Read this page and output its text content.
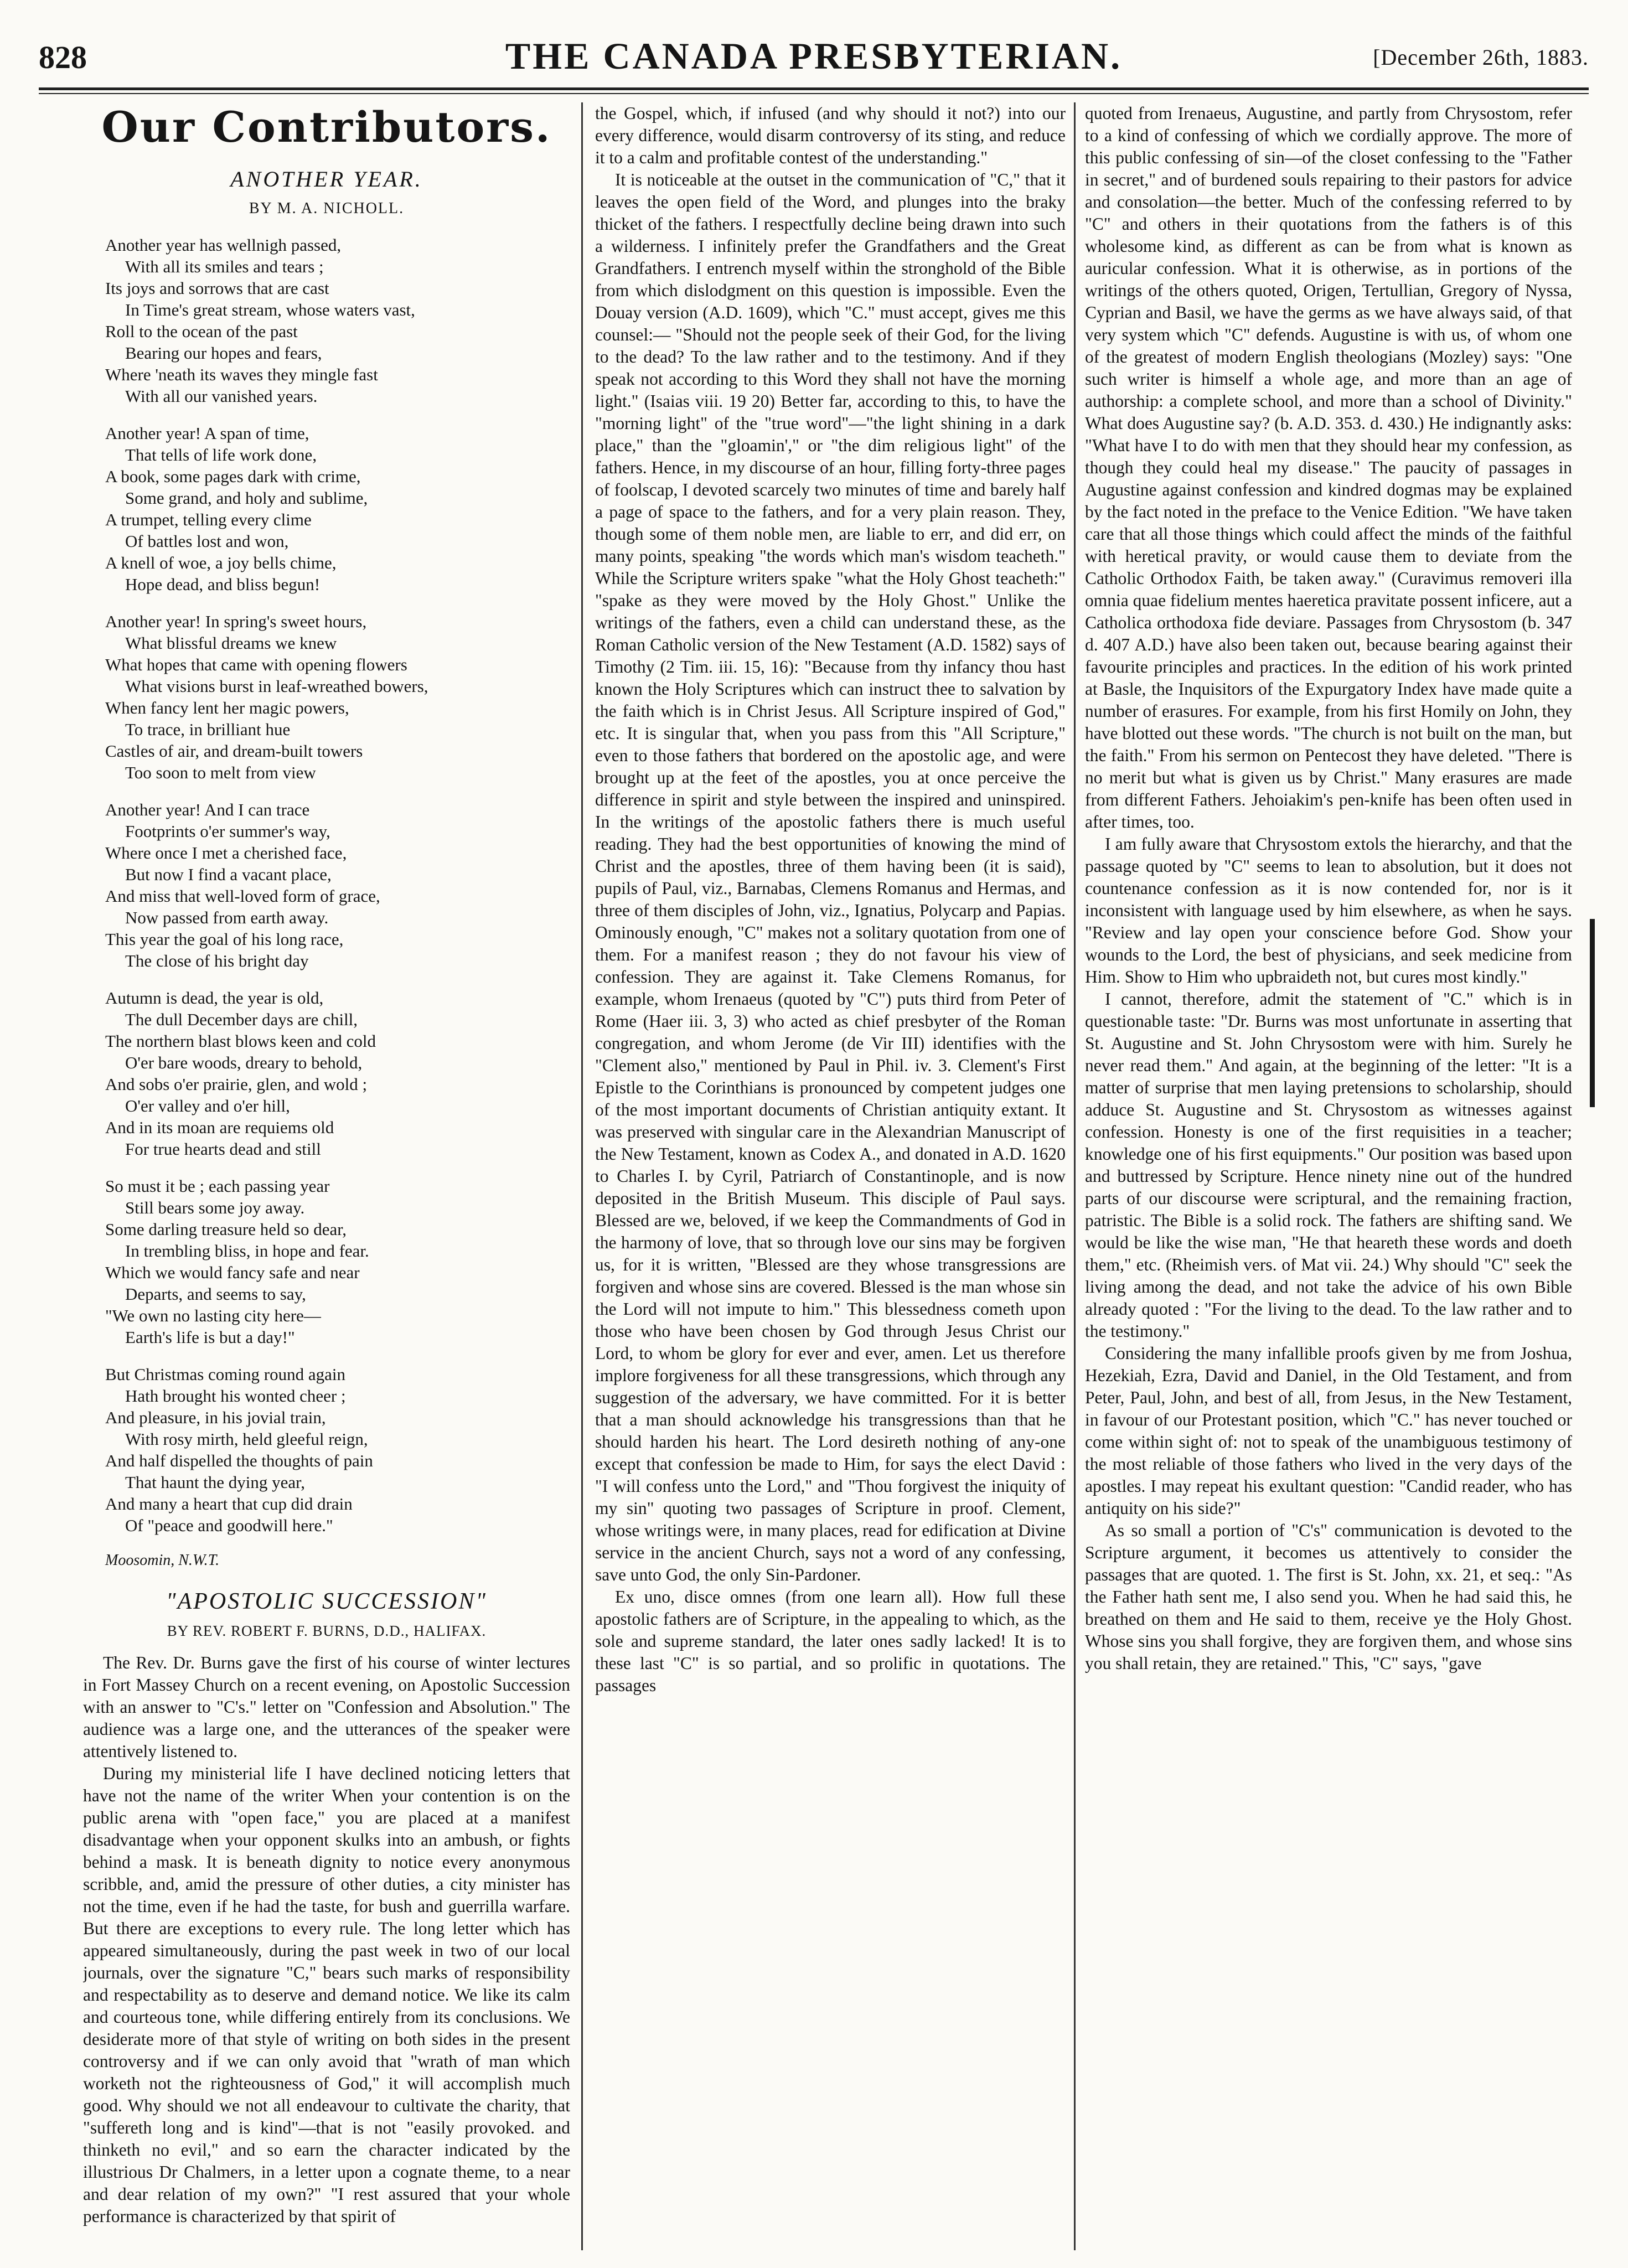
828	THE CANADA PRESBYTERIAN.	[December 26th, 1883.
Our Contributors.
ANOTHER YEAR.
BY M. A. NICHOLL.
Another year has wellnigh passed,
With all its smiles and tears ;
Its joys and sorrows that are cast
In Time's great stream, whose waters vast,
Roll to the ocean of the past
Bearing our hopes and fears,
Where 'neath its waves they mingle fast
With all our vanished years.
Another year! A span of time,
That tells of life work done,
A book, some pages dark with crime,
Some grand, and holy and sublime,
A trumpet, telling every clime
Of battles lost and won,
A knell of woe, a joy bells chime,
Hope dead, and bliss begun!
Another year! In spring's sweet hours,
What blissful dreams we knew
What hopes that came with opening flowers
What visions burst in leaf-wreathed bowers,
When fancy lent her magic powers,
To trace, in brilliant hue
Castles of air, and dream-built towers
Too soon to melt from view
Another year! And I can trace
Footprints o'er summer's way,
Where once I met a cherished face,
But now I find a vacant place,
And miss that well-loved form of grace,
Now passed from earth away.
This year the goal of his long race,
The close of his bright day
Autumn is dead, the year is old,
The dull December days are chill,
The northern blast blows keen and cold
O'er bare woods, dreary to behold,
And sobs o'er prairie, glen, and wold ;
O'er valley and o'er hill,
And in its moan are requiems old
For true hearts dead and still
So must it be ; each passing year
Still bears some joy away.
Some darling treasure held so dear,
In trembling bliss, in hope and fear.
Which we would fancy safe and near
Departs, and seems to say,
"We own no lasting city here—
Earth's life is but a day!"
But Christmas coming round again
Hath brought his wonted cheer ;
And pleasure, in his jovial train,
With rosy mirth, held gleeful reign,
And half dispelled the thoughts of pain
That haunt the dying year,
And many a heart that cup did drain
Of "peace and goodwill here."
Moosomin, N.W.T.
"APOSTOLIC SUCCESSION"
BY REV. ROBERT F. BURNS, D.D., HALIFAX.

The Rev. Dr. Burns gave the first of his course of winter lectures in Fort Massey Church on a recent evening, on Apostolic Succession with an answer to "C's." letter on "Confession and Absolution." The audience was a large one, and the utterances of the speaker were attentively listened to.

During my ministerial life I have declined noticing letters that have not the name of the writer When your contention is on the public arena with "open face," you are placed at a manifest disadvantage when your opponent skulks into an ambush, or fights behind a mask. It is beneath dignity to notice every anonymous scribble, and, amid the pressure of other duties, a city minister has not the time, even if he had the taste, for bush and guerrilla warfare. But there are exceptions to every rule. The long letter which has appeared simultaneously, during the past week in two of our local journals, over the signature "C," bears such marks of responsibility and respectability as to deserve and demand notice. We like its calm and courteous tone, while differing entirely from its conclusions. We desiderate more of that style of writing on both sides in the present controversy and if we can only avoid that "wrath of man which worketh not the righteousness of God," it will accomplish much good. Why should we not all endeavour to cultivate the charity, that "suffereth long and is kind"—that is not "easily provoked. and thinketh no evil," and so earn the character indicated by the illustrious Dr Chalmers, in a letter upon a cognate theme, to a near and dear relation of my own?" "I rest assured that your whole performance is characterized by that spirit of

the Gospel, which, if infused (and why should it not?) into our every difference, would disarm controversy of its sting, and reduce it to a calm and profitable contest of the understanding."

It is noticeable at the outset in the communication of "C," that it leaves the open field of the Word, and plunges into the braky thicket of the fathers. I respectfully decline being drawn into such a wilderness. I infinitely prefer the Grandfathers and the Great Grandfathers. I entrench myself within the stronghold of the Bible from which dislodgment on this question is impossible. Even the Douay version (A.D. 1609), which "C." must accept, gives me this counsel:— "Should not the people seek of their God, for the living to the dead? To the law rather and to the testimony. And if they speak not according to this Word they shall not have the morning light." (Isaias viii. 19 20) Better far, according to this, to have the "morning light" of the "true word"—"the light shining in a dark place," than the "gloamin'," or "the dim religious light" of the fathers. Hence, in my discourse of an hour, filling forty-three pages of foolscap, I devoted scarcely two minutes of time and barely half a page of space to the fathers, and for a very plain reason. They, though some of them noble men, are liable to err, and did err, on many points, speaking "the words which man's wisdom teacheth." While the Scripture writers spake "what the Holy Ghost teacheth:" "spake as they were moved by the Holy Ghost." Unlike the writings of the fathers, even a child can understand these, as the Roman Catholic version of the New Testament (A.D. 1582) says of Timothy (2 Tim. iii. 15, 16): "Because from thy infancy thou hast known the Holy Scriptures which can instruct thee to salvation by the faith which is in Christ Jesus. All Scripture inspired of God," etc. It is singular that, when you pass from this "All Scripture," even to those fathers that bordered on the apostolic age, and were brought up at the feet of the apostles, you at once perceive the difference in spirit and style between the inspired and uninspired. In the writings of the apostolic fathers there is much useful reading. They had the best opportunities of knowing the mind of Christ and the apostles, three of them having been (it is said), pupils of Paul, viz., Barnabas, Clemens Romanus and Hermas, and three of them disciples of John, viz., Ignatius, Polycarp and Papias. Ominously enough, "C" makes not a solitary quotation from one of them. For a manifest reason ; they do not favour his view of confession. They are against it. Take Clemens Romanus, for example, whom Irenaeus (quoted by "C") puts third from Peter of Rome (Haer iii. 3, 3) who acted as chief presbyter of the Roman congregation, and whom Jerome (de Vir III) identifies with the "Clement also," mentioned by Paul in Phil. iv. 3. Clement's First Epistle to the Corinthians is pronounced by competent judges one of the most important documents of Christian antiquity extant. It was preserved with singular care in the Alexandrian Manuscript of the New Testament, known as Codex A., and donated in A.D. 1620 to Charles I. by Cyril, Patriarch of Constantinople, and is now deposited in the British Museum. This disciple of Paul says. Blessed are we, beloved, if we keep the Commandments of God in the harmony of love, that so through love our sins may be forgiven us, for it is written, "Blessed are they whose transgressions are forgiven and whose sins are covered. Blessed is the man whose sin the Lord will not impute to him." This blessedness cometh upon those who have been chosen by God through Jesus Christ our Lord, to whom be glory for ever and ever, amen. Let us therefore implore forgiveness for all these transgressions, which through any suggestion of the adversary, we have committed. For it is better that a man should acknowledge his transgressions than that he should harden his heart. The Lord desireth nothing of any-one except that confession be made to Him, for says the elect David : "I will confess unto the Lord," and "Thou forgivest the iniquity of my sin" quoting two passages of Scripture in proof. Clement, whose writings were, in many places, read for edification at Divine service in the ancient Church, says not a word of any confessing, save unto God, the only Sin-Pardoner.

Ex uno, disce omnes (from one learn all). How full these apostolic fathers are of Scripture, in the appealing to which, as the sole and supreme standard, the later ones sadly lacked! It is to these last "C" is so partial, and so prolific in quotations. The passages

quoted from Irenaeus, Augustine, and partly from Chrysostom, refer to a kind of confessing of which we cordially approve. The more of this public confessing of sin—of the closet confessing to the "Father in secret," and of burdened souls repairing to their pastors for advice and consolation—the better. Much of the confessing referred to by "C" and others in their quotations from the fathers is of this wholesome kind, as different as can be from what is known as auricular confession. What it is otherwise, as in portions of the writings of the others quoted, Origen, Tertullian, Gregory of Nyssa, Cyprian and Basil, we have the germs as we have always said, of that very system which "C" defends. Augustine is with us, of whom one of the greatest of modern English theologians (Mozley) says: "One such writer is himself a whole age, and more than an age of authorship: a complete school, and more than a school of Divinity." What does Augustine say? (b. A.D. 353. d. 430.) He indignantly asks: "What have I to do with men that they should hear my confession, as though they could heal my disease." The paucity of passages in Augustine against confession and kindred dogmas may be explained by the fact noted in the preface to the Venice Edition. "We have taken care that all those things which could affect the minds of the faithful with heretical pravity, or would cause them to deviate from the Catholic Orthodox Faith, be taken away." (Curavimus removeri illa omnia quae fidelium mentes haeretica pravitate possent inficere, aut a Catholica orthodoxa fide deviare. Passages from Chrysostom (b. 347 d. 407 A.D.) have also been taken out, because bearing against their favourite principles and practices. In the edition of his work printed at Basle, the Inquisitors of the Expurgatory Index have made quite a number of erasures. For example, from his first Homily on John, they have blotted out these words. "The church is not built on the man, but the faith." From his sermon on Pentecost they have deleted. "There is no merit but what is given us by Christ." Many erasures are made from different Fathers. Jehoiakim's pen-knife has been often used in after times, too.

I am fully aware that Chrysostom extols the hierarchy, and that the passage quoted by "C" seems to lean to absolution, but it does not countenance confession as it is now contended for, nor is it inconsistent with language used by him elsewhere, as when he says. "Review and lay open your conscience before God. Show your wounds to the Lord, the best of physicians, and seek medicine from Him. Show to Him who upbraideth not, but cures most kindly."

I cannot, therefore, admit the statement of "C." which is in questionable taste: "Dr. Burns was most unfortunate in asserting that St. Augustine and St. John Chrysostom were with him. Surely he never read them." And again, at the beginning of the letter: "It is a matter of surprise that men laying pretensions to scholarship, should adduce St. Augustine and St. Chrysostom as witnesses against confession. Honesty is one of the first requisities in a teacher; knowledge one of his first equipments." Our position was based upon and buttressed by Scripture. Hence ninety nine out of the hundred parts of our discourse were scriptural, and the remaining fraction, patristic. The Bible is a solid rock. The fathers are shifting sand. We would be like the wise man, "He that heareth these words and doeth them," etc. (Rheimish vers. of Mat vii. 24.) Why should "C" seek the living among the dead, and not take the advice of his own Bible already quoted : "For the living to the dead. To the law rather and to the testimony."

Considering the many infallible proofs given by me from Joshua, Hezekiah, Ezra, David and Daniel, in the Old Testament, and from Peter, Paul, John, and best of all, from Jesus, in the New Testament, in favour of our Protestant position, which "C." has never touched or come within sight of: not to speak of the unambiguous testimony of the most reliable of those fathers who lived in the very days of the apostles. I may repeat his exultant question: "Candid reader, who has antiquity on his side?"

As so small a portion of "C's" communication is devoted to the Scripture argument, it becomes us attentively to consider the passages that are quoted. 1. The first is St. John, xx. 21, et seq.: "As the Father hath sent me, I also send you. When he had said this, he breathed on them and He said to them, receive ye the Holy Ghost. Whose sins you shall forgive, they are forgiven them, and whose sins you shall retain, they are retained." This, "C" says, "gave
